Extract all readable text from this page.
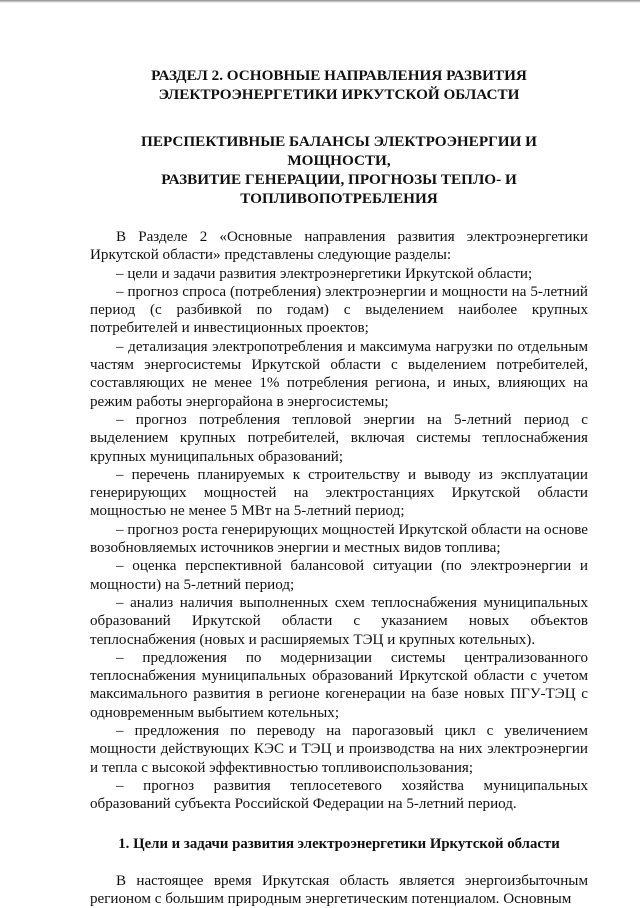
РАЗДЕЛ 2. ОСНОВНЫЕ НАПРАВЛЕНИЯ РАЗВИТИЯ
ЭЛЕКТРОЭНЕРГЕТИКИ ИРКУТСКОЙ ОБЛАСТИ
ПЕРСПЕКТИВНЫЕ БАЛАНСЫ ЭЛЕКТРОЭНЕРГИИ И МОЩНОСТИ,
РАЗВИТИЕ ГЕНЕРАЦИИ, ПРОГНОЗЫ ТЕПЛО- И
ТОПЛИВОПОТРЕБЛЕНИЯ

В Разделе 2 «Основные направления развития электроэнергетики Иркутской области» представлены следующие разделы:

– цели и задачи развития электроэнергетики Иркутской области;
– прогноз спроса (потребления) электроэнергии и мощности на 5-летний период (с разбивкой по годам) с выделением наиболее крупных потребителей и инвестиционных проектов;
– детализация электропотребления и максимума нагрузки по отдельным частям энергосистемы Иркутской области с выделением потребителей, составляющих не менее 1% потребления региона, и иных, влияющих на режим работы энергорайона в энергосистемы;
– прогноз потребления тепловой энергии на 5-летний период с выделением крупных потребителей, включая системы теплоснабжения крупных муниципальных образований;
– перечень планируемых к строительству и выводу из эксплуатации генерирующих мощностей на электростанциях Иркутской области мощностью не менее 5 МВт на 5-летний период;
– прогноз роста генерирующих мощностей Иркутской области на основе возобновляемых источников энергии и местных видов топлива;
– оценка перспективной балансовой ситуации (по электроэнергии и мощности) на 5-летний период;
– анализ наличия выполненных схем теплоснабжения муниципальных образований Иркутской области с указанием новых объектов теплоснабжения (новых и расширяемых ТЭЦ и крупных котельных).
– предложения по модернизации системы централизованного теплоснабжения муниципальных образований Иркутской области с учетом максимального развития в регионе когенерации на базе новых ПГУ-ТЭЦ с одновременным выбытием котельных;
– предложения по переводу на парогазовый цикл с увеличением мощности действующих КЭС и ТЭЦ и производства на них электроэнергии и тепла с высокой эффективностью топливоиспользования;
– прогноз развития теплосетевого хозяйства муниципальных образований субъекта Российской Федерации на 5-летний период.
1. Цели и задачи развития электроэнергетики Иркутской области

В настоящее время Иркутская область является энергоизбыточным регионом с большим природным энергетическим потенциалом. Основным
